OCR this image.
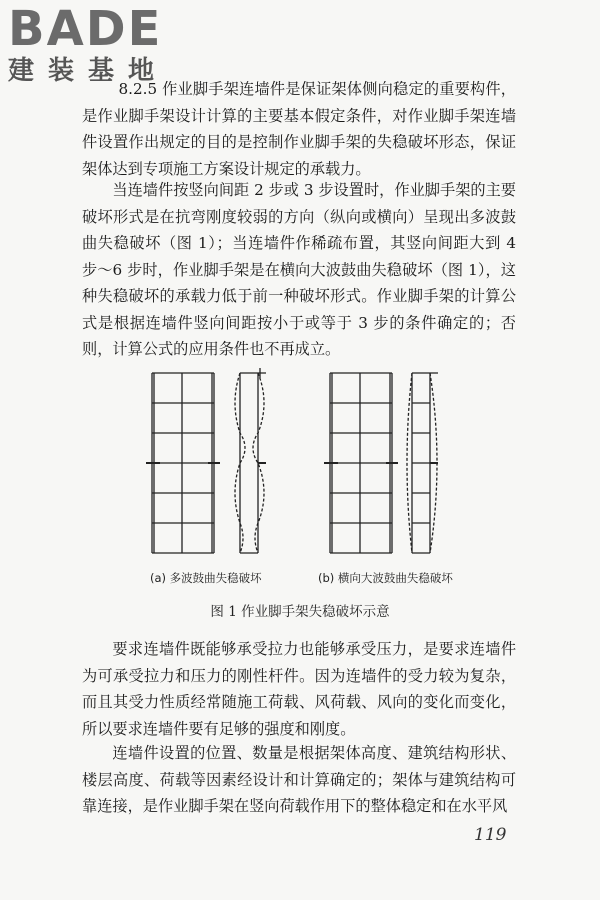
BADE
建装基地

8.2.5 作业脚手架连墙件是保证架体侧向稳定的重要构件，是作业脚手架设计计算的主要基本假定条件，对作业脚手架连墙件设置作出规定的目的是控制作业脚手架的失稳破坏形态，保证架体达到专项施工方案设计规定的承载力。

当连墙件按竖向间距 2 步或 3 步设置时，作业脚手架的主要破坏形式是在抗弯刚度较弱的方向（纵向或横向）呈现出多波鼓曲失稳破坏（图 1）；当连墙件作稀疏布置，其竖向间距大到 4 步～6 步时，作业脚手架是在横向大波鼓曲失稳破坏（图 1），这种失稳破坏的承载力低于前一种破坏形式。作业脚手架的计算公式是根据连墙件竖向间距按小于或等于 3 步的条件确定的；否则，计算公式的应用条件也不再成立。

(a) 多波鼓曲失稳破坏	(b) 横向大波鼓曲失稳破坏
图 1 作业脚手架失稳破坏示意

要求连墙件既能够承受拉力也能够承受压力，是要求连墙件为可承受拉力和压力的刚性杆件。因为连墙件的受力较为复杂，而且其受力性质经常随施工荷载、风荷载、风向的变化而变化，所以要求连墙件要有足够的强度和刚度。

连墙件设置的位置、数量是根据架体高度、建筑结构形状、楼层高度、荷载等因素经设计和计算确定的；架体与建筑结构可靠连接，是作业脚手架在竖向荷载作用下的整体稳定和在水平风

119
